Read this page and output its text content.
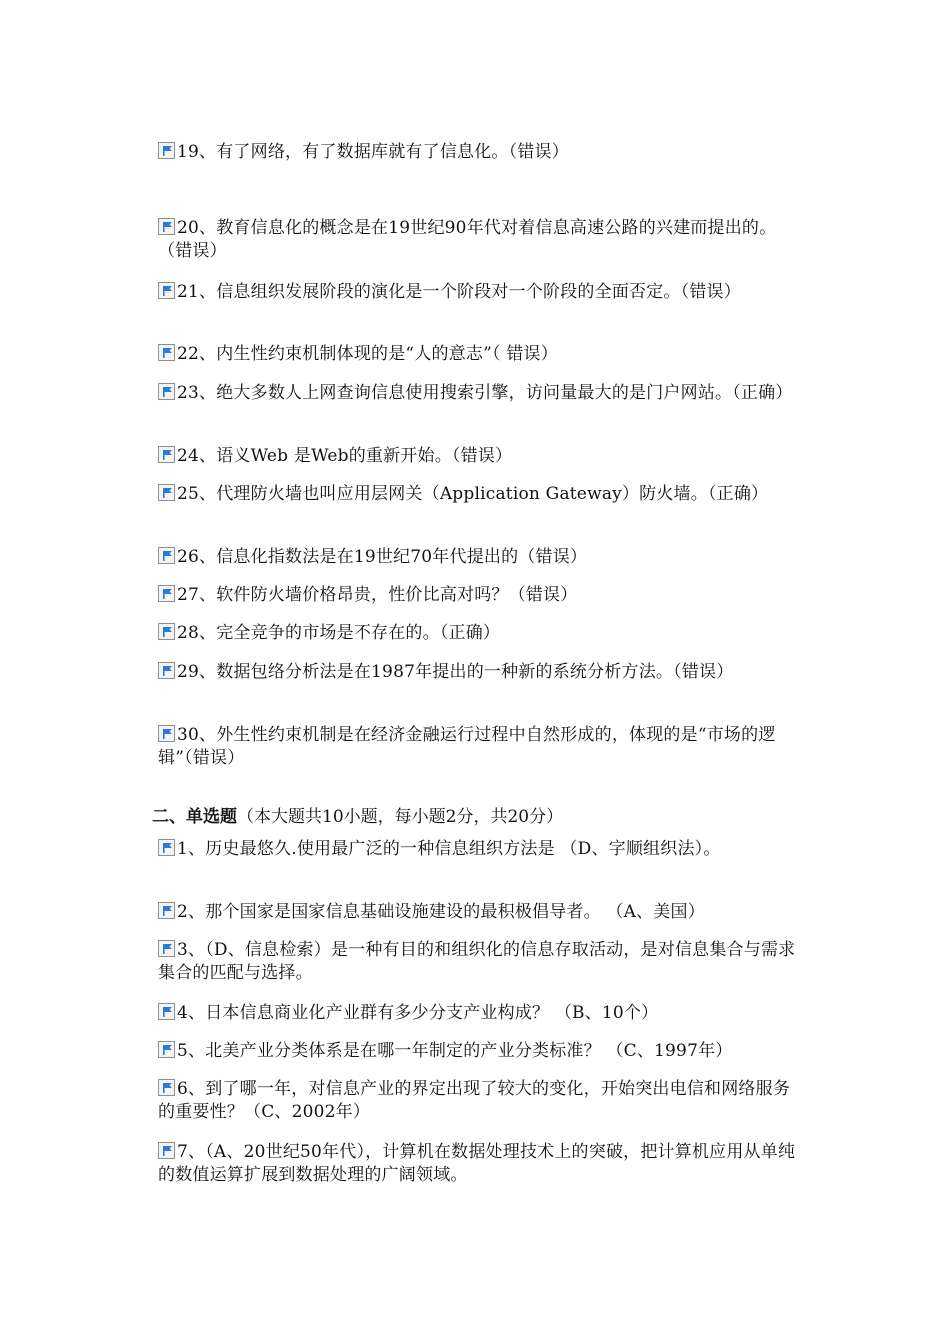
19、有了网络，有了数据库就有了信息化。（错误）
20、教育信息化的概念是在19世纪90年代对着信息高速公路的兴建而提出的。（错误）
21、信息组织发展阶段的演化是一个阶段对一个阶段的全面否定。（错误）
22、内生性约束机制体现的是“人的意志”（ 错误）
23、绝大多数人上网查询信息使用搜索引擎，访问量最大的是门户网站。（正确）
24、语义Web 是Web的重新开始。（错误）
25、代理防火墙也叫应用层网关（Application Gateway）防火墙。（正确）
26、信息化指数法是在19世纪70年代提出的（错误）
27、软件防火墙价格昂贵，性价比高对吗？（错误）
28、完全竞争的市场是不存在的。（正确）
29、数据包络分析法是在1987年提出的一种新的系统分析方法。（错误）
30、外生性约束机制是在经济金融运行过程中自然形成的，体现的是“市场的逻辑”（错误）
二、单选题（本大题共10小题，每小题2分，共20分）
1、历史最悠久.使用最广泛的一种信息组织方法是 （D、字顺组织法）。
2、那个国家是国家信息基础设施建设的最积极倡导者。 （A、美国）
3、（D、信息检索）是一种有目的和组织化的信息存取活动，是对信息集合与需求集合的匹配与选择。
4、日本信息商业化产业群有多少分支产业构成？ （B、10个）
5、北美产业分类体系是在哪一年制定的产业分类标准？ （C、1997年）
6、到了哪一年，对信息产业的界定出现了较大的变化，开始突出电信和网络服务的重要性？（C、2002年）
7、（A、20世纪50年代），计算机在数据处理技术上的突破，把计算机应用从单纯的数值运算扩展到数据处理的广阔领域。
